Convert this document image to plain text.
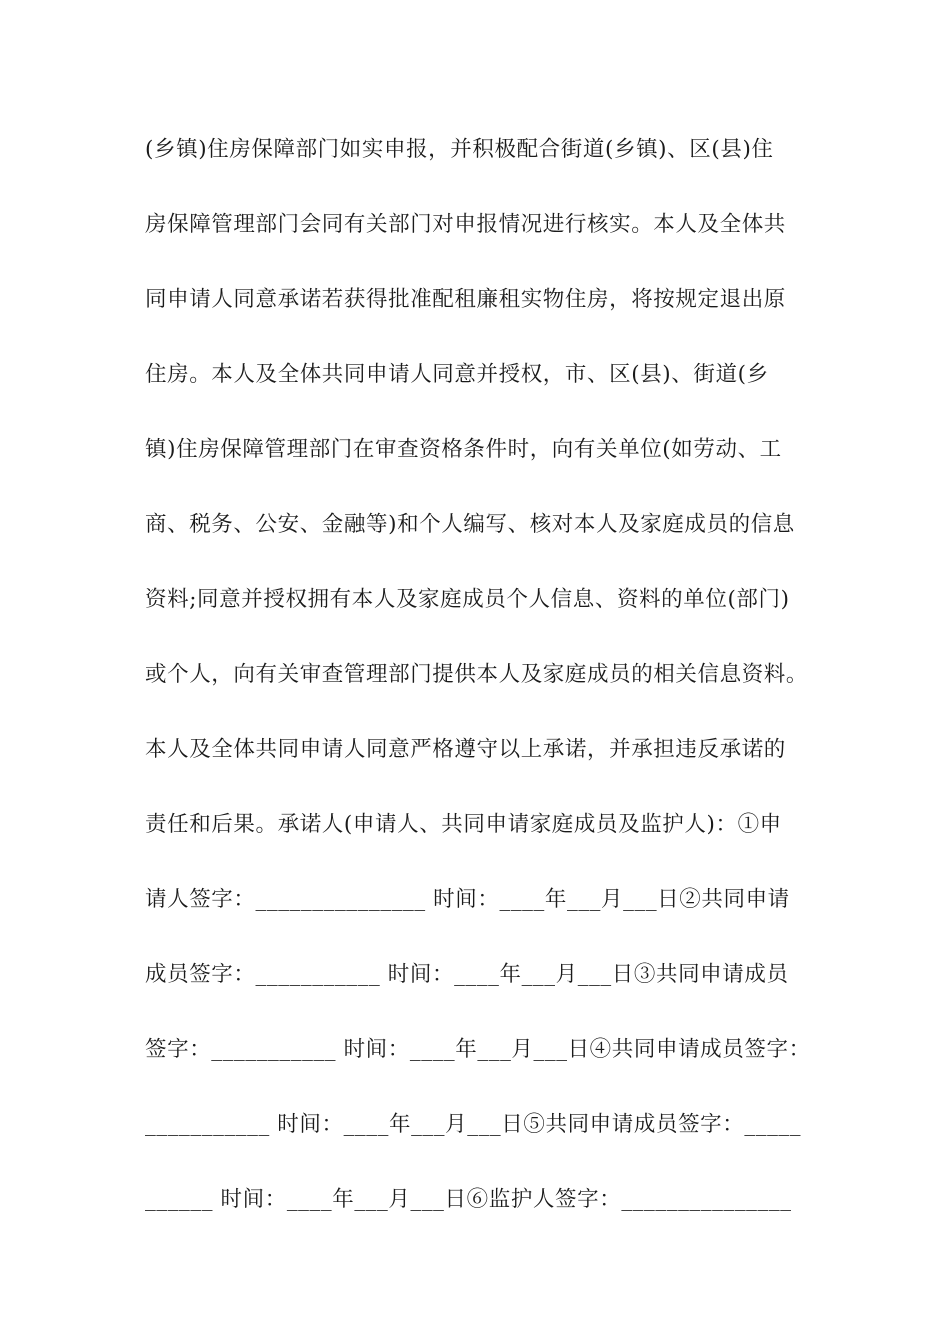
(乡镇)住房保障部门如实申报，并积极配合街道(乡镇)、区(县)住
房保障管理部门会同有关部门对申报情况进行核实。本人及全体共
同申请人同意承诺若获得批准配租廉租实物住房，将按规定退出原
住房。本人及全体共同申请人同意并授权，市、区(县)、街道(乡
镇)住房保障管理部门在审查资格条件时，向有关单位(如劳动、工
商、税务、公安、金融等)和个人编写、核对本人及家庭成员的信息
资料;同意并授权拥有本人及家庭成员个人信息、资料的单位(部门)
或个人，向有关审查管理部门提供本人及家庭成员的相关信息资料。
本人及全体共同申请人同意严格遵守以上承诺，并承担违反承诺的
责任和后果。承诺人(申请人、共同申请家庭成员及监护人)：①申
请人签字：_______________ 时间：____年___月___日②共同申请
成员签字：___________ 时间：____年___月___日③共同申请成员
签字：___________ 时间：____年___月___日④共同申请成员签字：
___________ 时间：____年___月___日⑤共同申请成员签字：_____
______ 时间：____年___月___日⑥监护人签字：_______________
